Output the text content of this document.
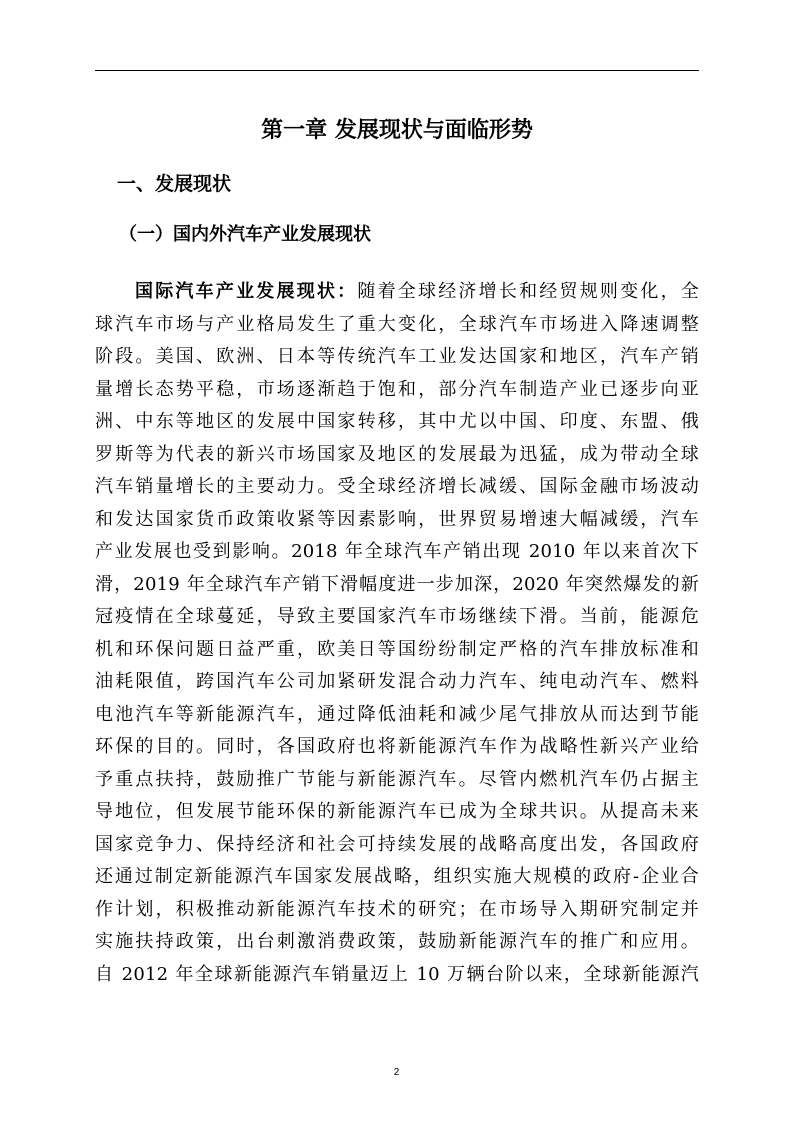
第一章 发展现状与面临形势
一、发展现状
（一）国内外汽车产业发展现状
国际汽车产业发展现状：随着全球经济增长和经贸规则变化，全
球汽车市场与产业格局发生了重大变化，全球汽车市场进入降速调整
阶段。美国、欧洲、日本等传统汽车工业发达国家和地区，汽车产销
量增长态势平稳，市场逐渐趋于饱和，部分汽车制造产业已逐步向亚
洲、中东等地区的发展中国家转移，其中尤以中国、印度、东盟、俄
罗斯等为代表的新兴市场国家及地区的发展最为迅猛，成为带动全球
汽车销量增长的主要动力。受全球经济增长减缓、国际金融市场波动
和发达国家货币政策收紧等因素影响，世界贸易增速大幅减缓，汽车
产业发展也受到影响。2018 年全球汽车产销出现 2010 年以来首次下
滑，2019 年全球汽车产销下滑幅度进一步加深，2020 年突然爆发的新
冠疫情在全球蔓延，导致主要国家汽车市场继续下滑。当前，能源危
机和环保问题日益严重，欧美日等国纷纷制定严格的汽车排放标准和
油耗限值，跨国汽车公司加紧研发混合动力汽车、纯电动汽车、燃料
电池汽车等新能源汽车，通过降低油耗和减少尾气排放从而达到节能
环保的目的。同时，各国政府也将新能源汽车作为战略性新兴产业给
予重点扶持，鼓励推广节能与新能源汽车。尽管内燃机汽车仍占据主
导地位，但发展节能环保的新能源汽车已成为全球共识。从提高未来
国家竞争力、保持经济和社会可持续发展的战略高度出发，各国政府
还通过制定新能源汽车国家发展战略，组织实施大规模的政府-企业合
作计划，积极推动新能源汽车技术的研究；在市场导入期研究制定并
实施扶持政策，出台刺激消费政策，鼓励新能源汽车的推广和应用。
自 2012 年全球新能源汽车销量迈上 10 万辆台阶以来，全球新能源汽
2
